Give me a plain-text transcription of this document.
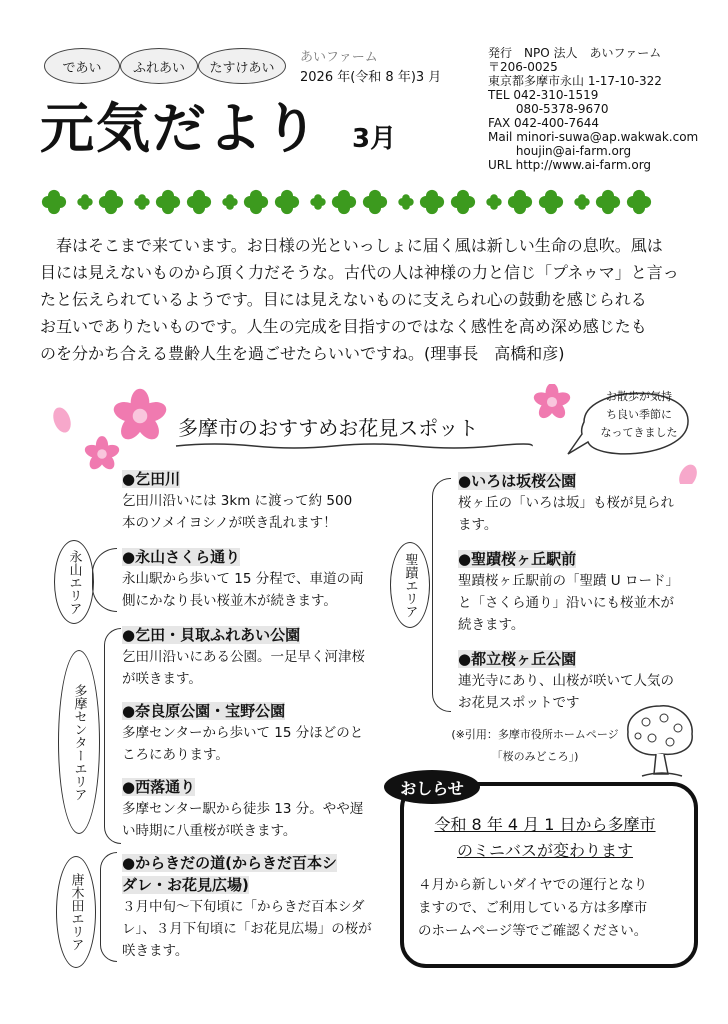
であい	ふれあい	たすけあい
あいファーム
2026 年(令和 8 年)3 月
元気だより 3月
発行　NPO 法人　あいファーム
〒206-0025
東京都多摩市永山 1-17-10-322
TEL 042-310-1519
　　 080-5378-9670
FAX 042-400-7644
Mail minori-suwa@ap.wakwak.com
　　 houjin@ai-farm.org
URL http://www.ai-farm.org
　春はそこまで来ています。お日様の光といっしょに届く風は新しい生命の息吹。風は
目には見えないものから頂く力だそうな。古代の人は神様の力と信じ「プネゥマ」と言っ
たと伝えられているようです。目には見えないものに支えられ心の鼓動を感じられる
お互いでありたいものです。人生の完成を目指すのではなく感性を高め深め感じたも
のを分かち合える豊齢人生を過ごせたらいいですね。(理事長　高橋和彦)
多摩市のおすすめお花見スポット
お散歩が気持
ち良い季節に
なってきました
永山エリア
多摩センターエリア
唐木田エリア
●乞田川
乞田川沿いには 3km に渡って約 500
本のソメイヨシノが咲き乱れます！
●永山さくら通り
永山駅から歩いて 15 分程で、車道の両
側にかなり長い桜並木が続きます。
●乞田・貝取ふれあい公園
乞田川沿いにある公園。一足早く河津桜
が咲きます。
●奈良原公園・宝野公園
多摩センターから歩いて 15 分ほどのと
ころにあります。
●西落通り
多摩センター駅から徒歩 13 分。やや遅
い時期に八重桜が咲きます。
●からきだの道(からきだ百本シ
ダレ・お花見広場)
３月中旬～下旬頃に「からきだ百本シダ
レ」、３月下旬頃に「お花見広場」の桜が
咲きます。
聖蹟エリア
●いろは坂桜公園
桜ヶ丘の「いろは坂」も桜が見られ
ます。
●聖蹟桜ヶ丘駅前
聖蹟桜ヶ丘駅前の「聖蹟 U ロード」
と「さくら通り」沿いにも桜並木が
続きます。
●都立桜ヶ丘公園
連光寺にあり、山桜が咲いて人気の
お花見スポットです
(※引用：多摩市役所ホームページ
「桜のみどころ」)
おしらせ
令和 8 年 4 月 1 日から多摩市
のミニバスが変わります
４月から新しいダイヤでの運行となり
ますので、ご利用している方は多摩市
のホームページ等でご確認ください。
